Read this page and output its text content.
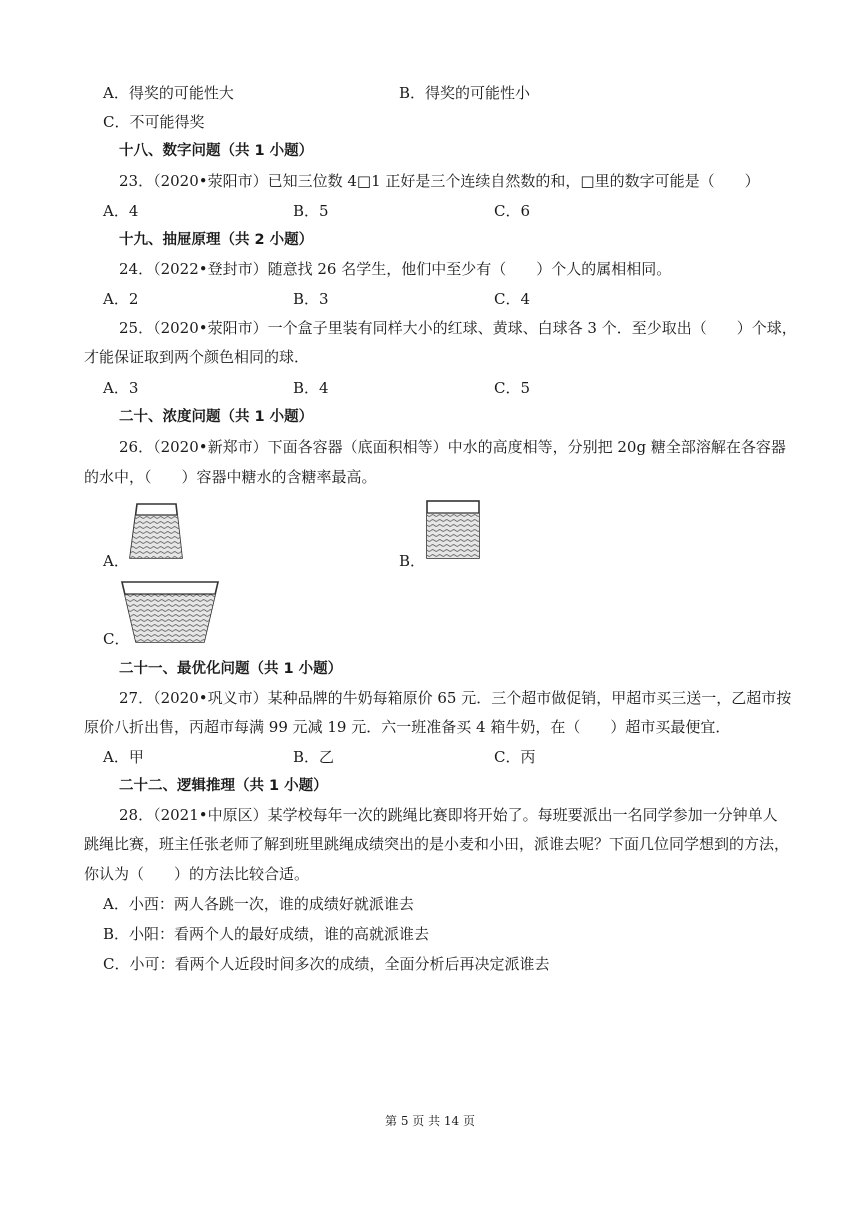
A．得奖的可能性大	B．得奖的可能性小
C．不可能得奖
十八、数字问题（共 1 小题）
23．（2020•荥阳市）已知三位数 4□1 正好是三个连续自然数的和，□里的数字可能是（　　）
A．4	B．5	C．6
十九、抽屉原理（共 2 小题）
24．（2022•登封市）随意找 26 名学生，他们中至少有（　　）个人的属相相同。
A．2	B．3	C．4
25．（2020•荥阳市）一个盒子里装有同样大小的红球、黄球、白球各 3 个．至少取出（　　）个球，
才能保证取到两个颜色相同的球．
A．3	B．4	C．5
二十、浓度问题（共 1 小题）
26．（2020•新郑市）下面各容器（底面积相等）中水的高度相等，分别把 20g 糖全部溶解在各容器
的水中，（　　）容器中糖水的含糖率最高。
A．	B．
C．
二十一、最优化问题（共 1 小题）
27．（2020•巩义市）某种品牌的牛奶每箱原价 65 元．三个超市做促销，甲超市买三送一，乙超市按
原价八折出售，丙超市每满 99 元减 19 元．六一班准备买 4 箱牛奶，在（　　）超市买最便宜．
A．甲	B．乙	C．丙
二十二、逻辑推理（共 1 小题）
28．（2021•中原区）某学校每年一次的跳绳比赛即将开始了。每班要派出一名同学参加一分钟单人
跳绳比赛，班主任张老师了解到班里跳绳成绩突出的是小麦和小田，派谁去呢？下面几位同学想到的方法，
你认为（　　）的方法比较合适。
A．小西：两人各跳一次，谁的成绩好就派谁去
B．小阳：看两个人的最好成绩，谁的高就派谁去
C．小可：看两个人近段时间多次的成绩，全面分析后再决定派谁去
第 5 页 共 14 页
